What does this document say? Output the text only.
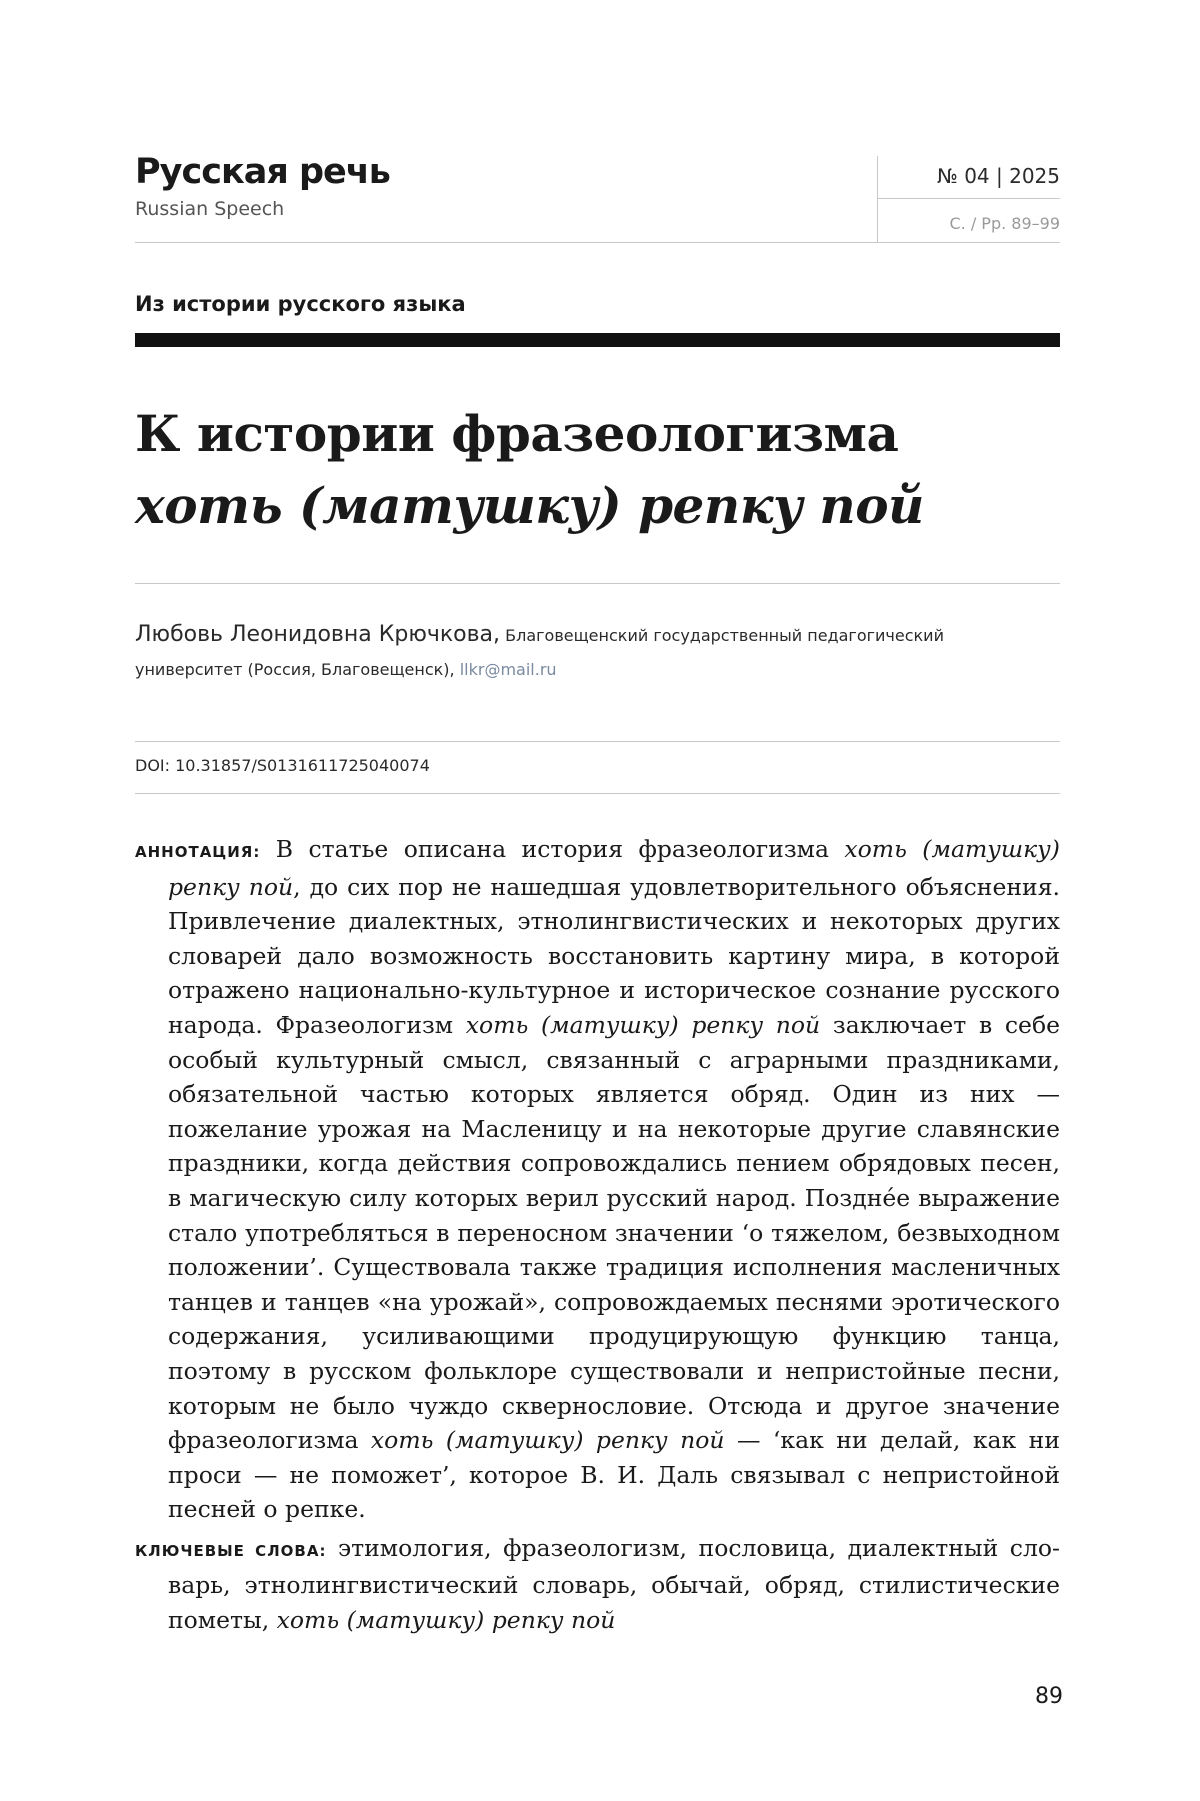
Русская речь
Russian Speech
№ 04 | 2025
С. / Pp. 89–99
Из истории русского языка
К истории фразеологизма
хоть (матушку) репку пой
Любовь Леонидовна Крючкова, Благовещенский государственный педагогический
университет (Россия, Благовещенск), llkr@mail.ru
DOI: 10.31857/S0131611725040074

АННОТАЦИЯ: В статье описана история фразеологизма хоть (матушку) репку пой, до сих пор не нашедшая удовлетворительного объяснения. Привлечение диалектных, этнолингвистических и некоторых других словарей дало возможность восстановить картину мира, в которой отражено национально-культурное и историческое сознание русского народа. Фразеологизм хоть (матушку) репку пой заключает в себе особый культурный смысл, связанный с аграрными праздниками, обязательной частью которых является обряд. Один из них — пожелание урожая на Масленицу и на некоторые другие славянские праздники, когда действия сопровождались пением обрядовых песен, в магическую силу которых верил русский народ. Позднée выражение стало употребляться в переносном значении ‘о тяжелом, безвыходном положении’. Существовала также традиция исполнения масленичных танцев и танцев «на урожай», сопровождаемых песнями эротического содержания, усиливающими продуцирующую функцию танца, поэтому в русском фольклоре существовали и непристойные песни, которым не было чуждо сквернословие. Отсюда и другое значение фразеологизма хоть (матушку) репку пой — ‘как ни делай, как ни проси — не поможет’, которое В. И. Даль связывал с непристойной песней о репке.

КЛЮЧЕВЫЕ СЛОВА: этимология, фразеологизм, пословица, диалектный словарь, этнолингвистический словарь, обычай, обряд, стилистические пометы, хоть (матушку) репку пой

89
